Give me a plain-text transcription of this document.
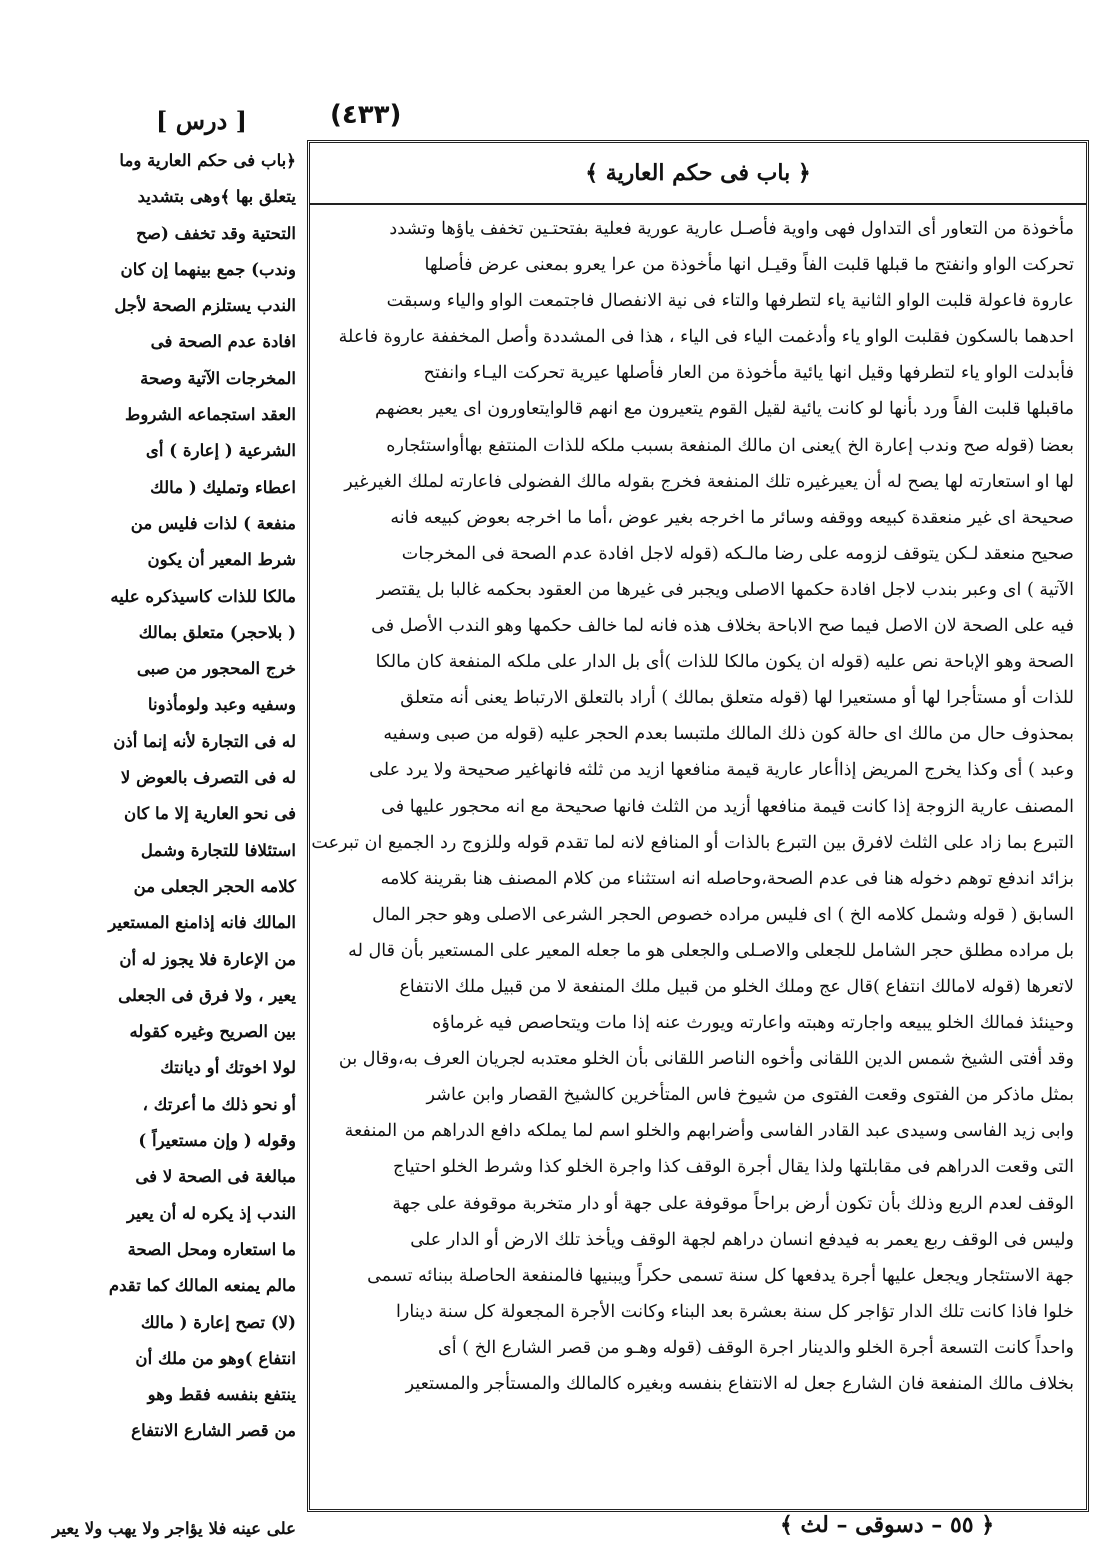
(٤٣٣)
[ درس ]
﴿باب فى حكم العارية وما
يتعلق بها ﴾وهى بتشديد
التحتية وقد تخفف (صح
وندب) جمع بينهما إن كان
الندب يستلزم الصحة لأجل
افادة عدم الصحة فى
المخرجات الآتية وصحة
العقد استجماعه الشروط
الشرعية ( إعارة ) أى
اعطاء وتمليك ( مالك
منفعة ) لذات فليس من
شرط المعير أن يكون
مالكا للذات كاسيذكره عليه
( بلاحجر) متعلق بمالك
خرج المحجور من صبى
وسفيه وعبد ولومأذونا
له فى التجارة لأنه إنما أذن
له فى التصرف بالعوض لا
فى نحو العارية إلا ما كان
استئلافا للتجارة وشمل
كلامه الحجر الجعلى من
المالك فانه إذامنع المستعير
من الإعارة فلا يجوز له أن
يعير ، ولا فرق فى الجعلى
بين الصريح وغيره كقوله
لولا اخوتك أو ديانتك
أو نحو ذلك ما أعرتك ،
وقوله ( وإن مستعيراً )
مبالغة فى الصحة لا فى
الندب إذ يكره له أن يعير
ما استعاره ومحل الصحة
مالم يمنعه المالك كما تقدم
(لا) تصح إعارة ( مالك
انتفاع )وهو من ملك أن
ينتفع بنفسه فقط وهو
من قصر الشارع الانتفاع
على عينه فلا يؤاجر ولا يهب ولا يعير
﴿ باب فى حكم العارية ﴾
مأخوذة من التعاور أى التداول فهى واوية فأصـل عارية عورية فعلية بفتحتـين تخفف ياؤها وتشدد
تحركت الواو وانفتح ما قبلها قلبت الفاً وقيـل انها مأخوذة من عرا يعرو بمعنى عرض فأصلها
عاروة فاعولة قلبت الواو الثانية ياء لتطرفها والتاء فى نية الانفصال فاجتمعت الواو والياء وسبقت
احدهما بالسكون فقلبت الواو ياء وأدغمت الياء فى الياء ، هذا فى المشددة وأصل المخففة عاروة فاعلة
فأبدلت الواو ياء لتطرفها وقيل انها يائية مأخوذة من العار فأصلها عيرية تحركت اليـاء وانفتح
ماقبلها قلبت الفاً ورد بأنها لو كانت يائية لقيل القوم يتعيرون مع انهم قالوايتعاورون اى يعير بعضهم
بعضا (قوله صح وندب إعارة الخ )يعنى ان مالك المنفعة بسبب ملكه للذات المنتفع بهاأواستئجاره
لها او استعارته لها يصح له أن يعيرغيره تلك المنفعة فخرج بقوله مالك الفضولى فاعارته لملك الغيرغير
صحيحة اى غير منعقدة كبيعه ووقفه وسائر ما اخرجه بغير عوض ،أما ما اخرجه بعوض كبيعه فانه
صحيح منعقد لـكن يتوقف لزومه على رضا مالـكه (قوله لاجل افادة عدم الصحة فى المخرجات
الآتية ) اى وعبر بندب لاجل افادة حكمها الاصلى ويجبر فى غيرها من العقود بحكمه غالبا بل يقتصر
فيه على الصحة لان الاصل فيما صح الاباحة بخلاف هذه فانه لما خالف حكمها وهو الندب الأصل فى
الصحة وهو الإباحة نص عليه (قوله ان يكون مالكا للذات )أى بل الدار على ملكه المنفعة كان مالكا
للذات أو مستأجرا لها أو مستعيرا لها (قوله متعلق بمالك ) أراد بالتعلق الارتباط يعنى أنه متعلق
بمحذوف حال من مالك اى حالة كون ذلك المالك ملتبسا بعدم الحجر عليه (قوله من صبى وسفيه
وعبد ) أى وكذا يخرج المريض إذاأعار عارية قيمة منافعها ازيد من ثلثه فانهاغير صحيحة ولا يرد على
المصنف عارية الزوجة إذا كانت قيمة منافعها أزيد من الثلث فانها صحيحة مع انه محجور عليها فى
التبرع بما زاد على الثلث لافرق بين التبرع بالذات أو المنافع لانه لما تقدم قوله وللزوج رد الجميع ان تبرعت
بزائد اندفع توهم دخوله هنا فى عدم الصحة،وحاصله انه استثناء من كلام المصنف هنا بقرينة كلامه
السابق ( قوله وشمل كلامه الخ ) اى فليس مراده خصوص الحجر الشرعى الاصلى وهو حجر المال
بل مراده مطلق حجر الشامل للجعلى والاصـلى والجعلى هو ما جعله المعير على المستعير بأن قال له
لاتعرها (قوله لامالك انتفاع )قال عج وملك الخلو من قبيل ملك المنفعة لا من قبيل ملك الانتفاع
وحينئذ فمالك الخلو يبيعه واجارته وهبته واعارته ويورث عنه إذا مات ويتحاصص فيه غرماؤه
وقد أفتى الشيخ شمس الدين اللقانى وأخوه الناصر اللقانى بأن الخلو معتدبه لجريان العرف به،وقال بن
بمثل ماذكر من الفتوى وقعت الفتوى من شيوخ فاس المتأخرين كالشيخ القصار وابن عاشر
وابى زيد الفاسى وسيدى عبد القادر الفاسى وأضرابهم والخلو اسم لما يملكه دافع الدراهم من المنفعة
التى وقعت الدراهم فى مقابلتها ولذا يقال أجرة الوقف كذا واجرة الخلو كذا وشرط الخلو احتياج
الوقف لعدم الريع وذلك بأن تكون أرض براحاً موقوفة على جهة أو دار متخربة موقوفة على جهة
وليس فى الوقف ربع يعمر به فيدفع انسان دراهم لجهة الوقف ويأخذ تلك الارض أو الدار على
جهة الاستئجار ويجعل عليها أجرة يدفعها كل سنة تسمى حكراً ويبنيها فالمنفعة الحاصلة ببنائه تسمى
خلوا فاذا كانت تلك الدار تؤاجر كل سنة بعشرة بعد البناء وكانت الأجرة المجعولة كل سنة دينارا
واحداً كانت التسعة أجرة الخلو والدينار اجرة الوقف (قوله وهـو من قصر الشارع الخ ) أى
بخلاف مالك المنفعة فان الشارع جعل له الانتفاع بنفسه وبغيره كالمالك والمستأجر والمستعير
﴿ ٥٥ – دسوقى – لث ﴾
